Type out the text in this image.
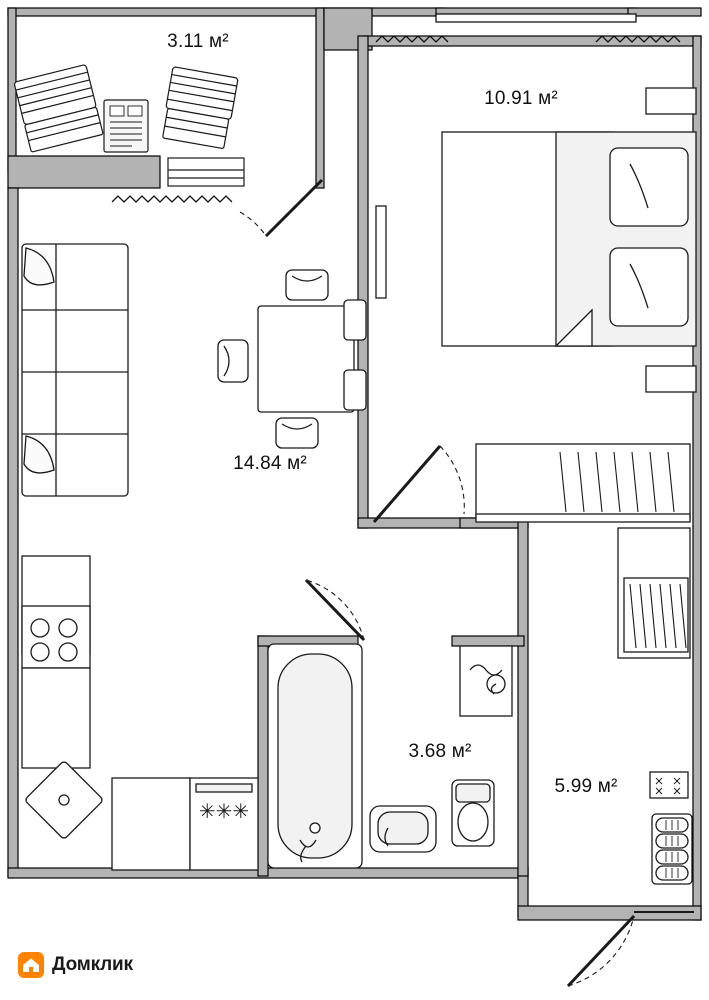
✳✳✳
3.11 м²
10.91 м²
14.84 м²
3.68 м²
5.99 м²
Домклик
